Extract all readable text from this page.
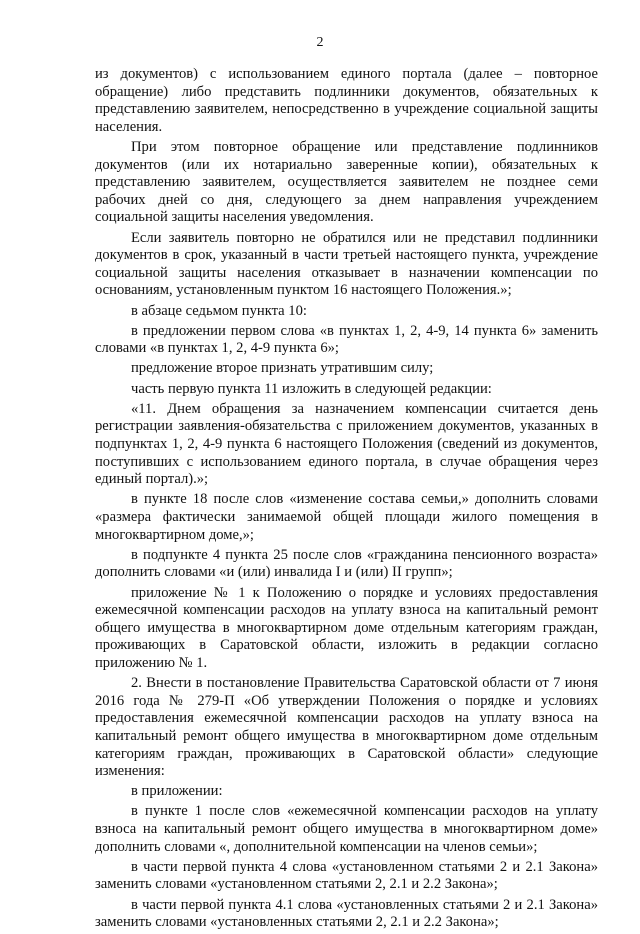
2

из документов) с использованием единого портала (далее – повторное обращение) либо представить подлинники документов, обязательных к представлению заявителем, непосредственно в учреждение социальной защиты населения.

При этом повторное обращение или представление подлинников документов (или их нотариально заверенные копии), обязательных к представлению заявителем, осуществляется заявителем не позднее семи рабочих дней со дня, следующего за днем направления учреждением социальной защиты населения уведомления.

Если заявитель повторно не обратился или не представил подлинники документов в срок, указанный в части третьей настоящего пункта, учреждение социальной защиты населения отказывает в назначении компенсации по основаниям, установленным пунктом 16 настоящего Положения.»;

в абзаце седьмом пункта 10:

в предложении первом слова «в пунктах 1, 2, 4-9, 14 пункта 6» заменить словами «в пунктах 1, 2, 4-9 пункта 6»;

предложение второе признать утратившим силу;

часть первую пункта 11 изложить в следующей редакции:

«11. Днем обращения за назначением компенсации считается день регистрации заявления-обязательства с приложением документов, указанных в подпунктах 1, 2, 4-9 пункта 6 настоящего Положения (сведений из документов, поступивших с использованием единого портала, в случае обращения через единый портал).»;

в пункте 18 после слов «изменение состава семьи,» дополнить словами «размера фактически занимаемой общей площади жилого помещения в многоквартирном доме,»;

в подпункте 4 пункта 25 после слов «гражданина пенсионного возраста» дополнить словами «и (или) инвалида I и (или) II групп»;

приложение № 1 к Положению о порядке и условиях предоставления ежемесячной компенсации расходов на уплату взноса на капитальный ремонт общего имущества в многоквартирном доме отдельным категориям граждан, проживающих в Саратовской области, изложить в редакции согласно приложению № 1.

2. Внести в постановление Правительства Саратовской области от 7 июня 2016 года № 279-П «Об утверждении Положения о порядке и условиях предоставления ежемесячной компенсации расходов на уплату взноса на капитальный ремонт общего имущества в многоквартирном доме отдельным категориям граждан, проживающих в Саратовской области» следующие изменения:

в приложении:

в пункте 1 после слов «ежемесячной компенсации расходов на уплату взноса на капитальный ремонт общего имущества в многоквартирном доме» дополнить словами «, дополнительной компенсации на членов семьи»;

в части первой пункта 4 слова «установленном статьями 2 и 2.1 Закона» заменить словами «установленном статьями 2, 2.1 и 2.2 Закона»;

в части первой пункта 4.1 слова «установленных статьями 2 и 2.1 Закона» заменить словами «установленных статьями 2, 2.1 и 2.2 Закона»;
